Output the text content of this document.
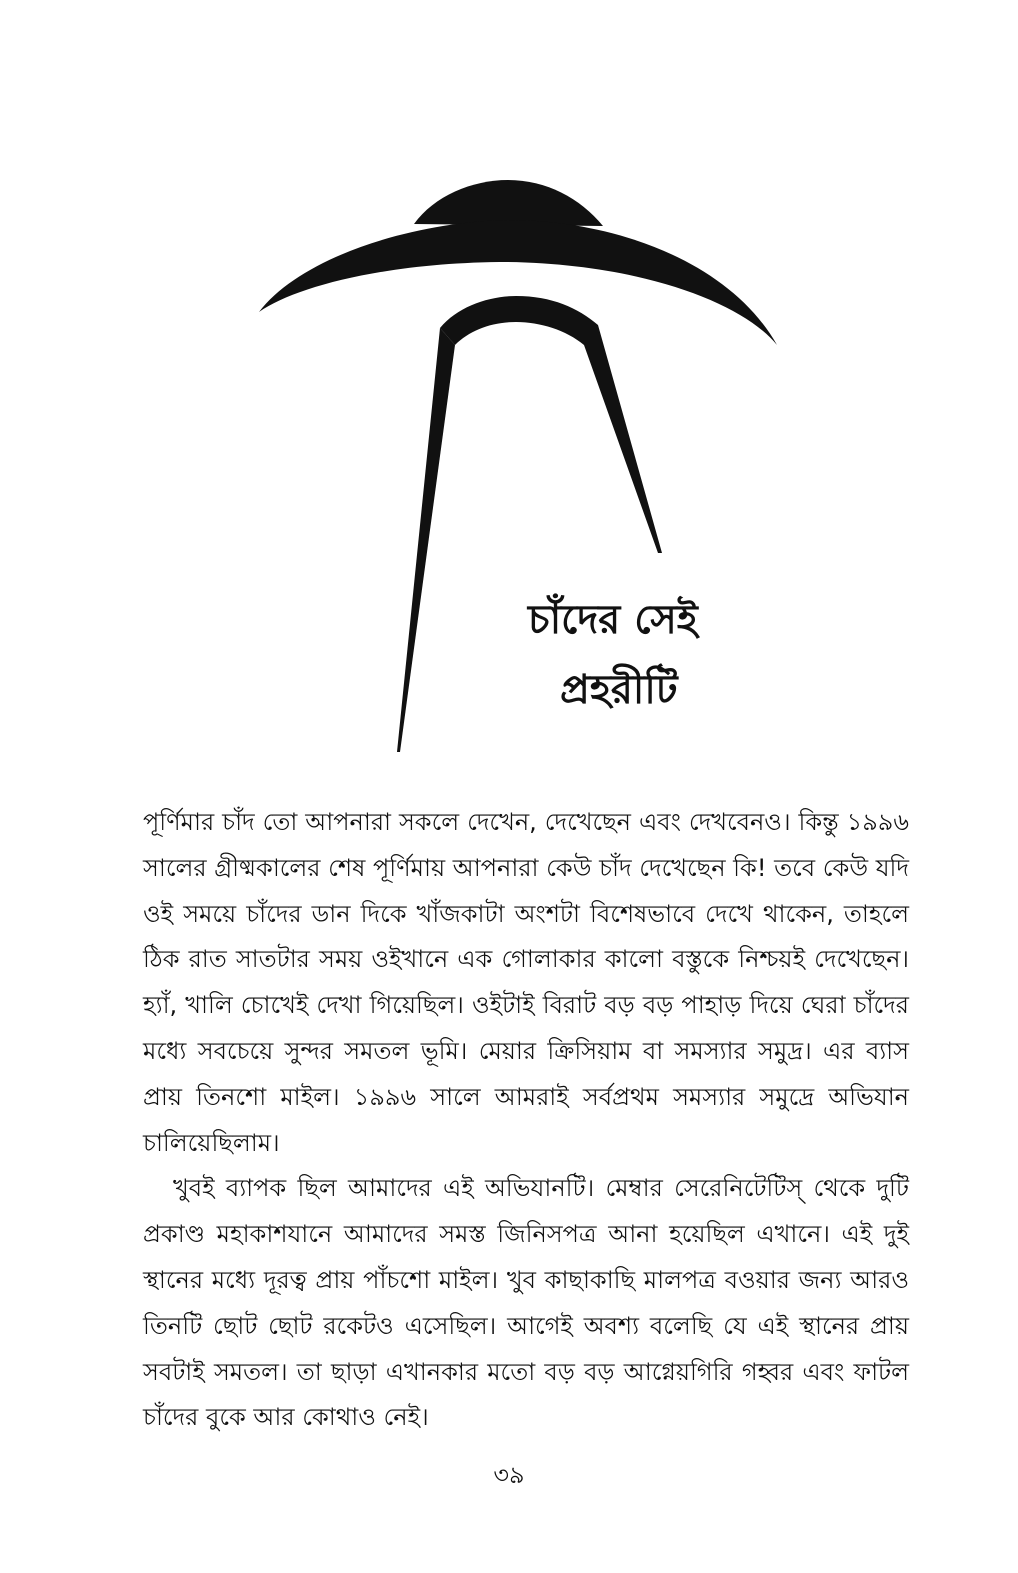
চাঁদের সেই
প্রহরীটি

পূর্ণিমার চাঁদ তো আপনারা সকলে দেখেন, দেখেছেন এবং দেখবেনও। কিন্তু ১৯৯৬ সালের গ্রীষ্মকালের শেষ পূর্ণিমায় আপনারা কেউ চাঁদ দেখেছেন কি! তবে কেউ যদি ওই সময়ে চাঁদের ডান দিকে খাঁজকাটা অংশটা বিশেষভাবে দেখে থাকেন, তাহলে ঠিক রাত সাতটার সময় ওইখানে এক গোলাকার কালো বস্তুকে নিশ্চয়ই দেখেছেন। হ্যাঁ, খালি চোখেই দেখা গিয়েছিল। ওইটাই বিরাট বড় বড় পাহাড় দিয়ে ঘেরা চাঁদের মধ্যে সবচেয়ে সুন্দর সমতল ভূমি। মেয়ার ক্রিসিয়াম বা সমস্যার সমুদ্র। এর ব্যাস প্রায় তিনশো মাইল। ১৯৯৬ সালে আমরাই সর্বপ্রথম সমস্যার সমুদ্রে অভিযান চালিয়েছিলাম।

খুবই ব্যাপক ছিল আমাদের এই অভিযানটি। মেম্বার সেরেনিটেটিস্ থেকে দুটি প্রকাণ্ড মহাকাশযানে আমাদের সমস্ত জিনিসপত্র আনা হয়েছিল এখানে। এই দুই স্থানের মধ্যে দূরত্ব প্রায় পাঁচশো মাইল। খুব কাছাকাছি মালপত্র বওয়ার জন্য আরও তিনটি ছোট ছোট রকেটও এসেছিল। আগেই অবশ্য বলেছি যে এই স্থানের প্রায় সবটাই সমতল। তা ছাড়া এখানকার মতো বড় বড় আগ্নেয়গিরি গহ্বর এবং ফাটল চাঁদের বুকে আর কোথাও নেই।

৩৯
